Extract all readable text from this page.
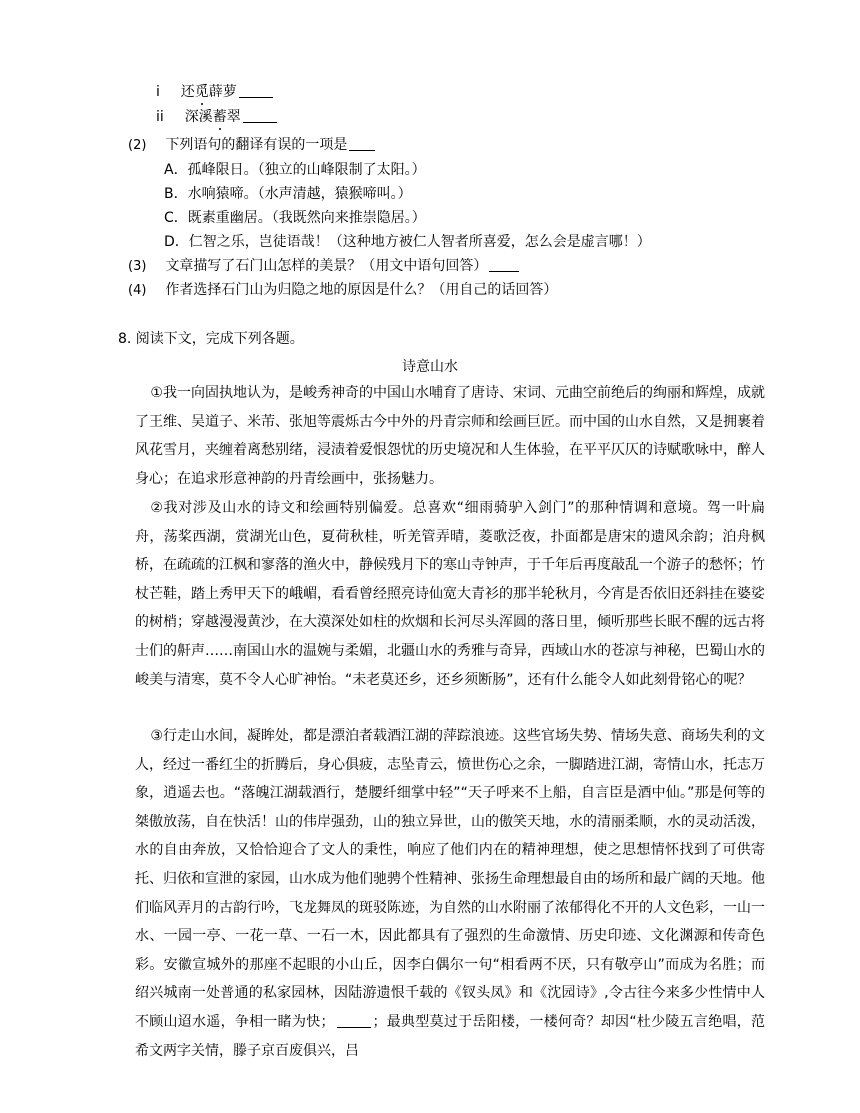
i 还觅薜萝
ii 深溪蓄翠
(2) 下列语句的翻译有误的一项是
A．孤峰限日。（独立的山峰限制了太阳。）
B．水响猿啼。（水声清越，猿猴啼叫。）
C．既素重幽居。（我既然向来推崇隐居。）
D．仁智之乐，岂徒语哉！（这种地方被仁人智者所喜爱，怎么会是虚言哪！）
(3) 文章描写了石门山怎样的美景？（用文中语句回答）
(4) 作者选择石门山为归隐之地的原因是什么？（用自己的话回答）
8. 阅读下文，完成下列各题。
诗意山水
①我一向固执地认为，是峻秀神奇的中国山水哺育了唐诗、宋词、元曲空前绝后的绚丽和辉煌，成就了王维、吴道子、米芾、张旭等震烁古今中外的丹青宗师和绘画巨匠。而中国的山水自然，又是拥裹着风花雪月，夹缠着离愁别绪，浸渍着爱恨怨忧的历史境况和人生体验，在平平仄仄的诗赋歌咏中，醉人身心；在追求形意神韵的丹青绘画中，张扬魅力。
②我对涉及山水的诗文和绘画特别偏爱。总喜欢“细雨骑驴入剑门”的那种情调和意境。驾一叶扁舟，荡桨西湖，赏湖光山色，夏荷秋桂，听羌管弄晴，菱歌泛夜，扑面都是唐宋的遗风余韵；泊舟枫桥，在疏疏的江枫和寥落的渔火中，静候残月下的寒山寺钟声，于千年后再度敲乱一个游子的愁怀；竹杖芒鞋，踏上秀甲天下的峨嵋，看看曾经照亮诗仙宽大青衫的那半轮秋月，今宵是否依旧还斜挂在婆娑的树梢；穿越漫漫黄沙，在大漠深处如柱的炊烟和长河尽头浑圆的落日里，倾听那些长眠不醒的远古将士们的鼾声……南国山水的温婉与柔媚，北疆山水的秀雅与奇异，西域山水的苍凉与神秘，巴蜀山水的峻美与清寒，莫不令人心旷神怡。“未老莫还乡，还乡须断肠”，还有什么能令人如此刻骨铭心的呢？
③行走山水间，凝眸处，都是漂泊者载酒江湖的萍踪浪迹。这些官场失势、情场失意、商场失利的文人，经过一番红尘的折腾后，身心俱疲，志坠青云，愤世伤心之余，一脚踏进江湖，寄情山水，托志万象，逍遥去也。“落魄江湖载酒行，楚腰纤细掌中轻”“天子呼来不上船，自言臣是酒中仙。”那是何等的桀傲放荡，自在快活！山的伟岸强劲，山的独立异世，山的傲笑天地，水的清丽柔顺，水的灵动活泼，水的自由奔放，又恰恰迎合了文人的秉性，响应了他们内在的精神理想，使之思想情怀找到了可供寄托、归依和宣泄的家园，山水成为他们驰骋个性精神、张扬生命理想最自由的场所和最广阔的天地。他们临风弄月的古韵行吟，飞龙舞凤的斑驳陈迹，为自然的山水附丽了浓郁得化不开的人文色彩，一山一水、一园一亭、一花一草、一石一木，因此都具有了强烈的生命激情、历史印迹、文化渊源和传奇色彩。安徽宣城外的那座不起眼的小山丘，因李白偶尔一句“相看两不厌，只有敬亭山”而成为名胜；而绍兴城南一处普通的私家园林，因陆游遗恨千载的《钗头凤》和《沈园诗》,令古往今来多少性情中人不顾山迢水遥，争相一睹为快；	；最典型莫过于岳阳楼，一楼何奇？却因“杜少陵五言绝唱，范希文两字关情，滕子京百废俱兴，吕
